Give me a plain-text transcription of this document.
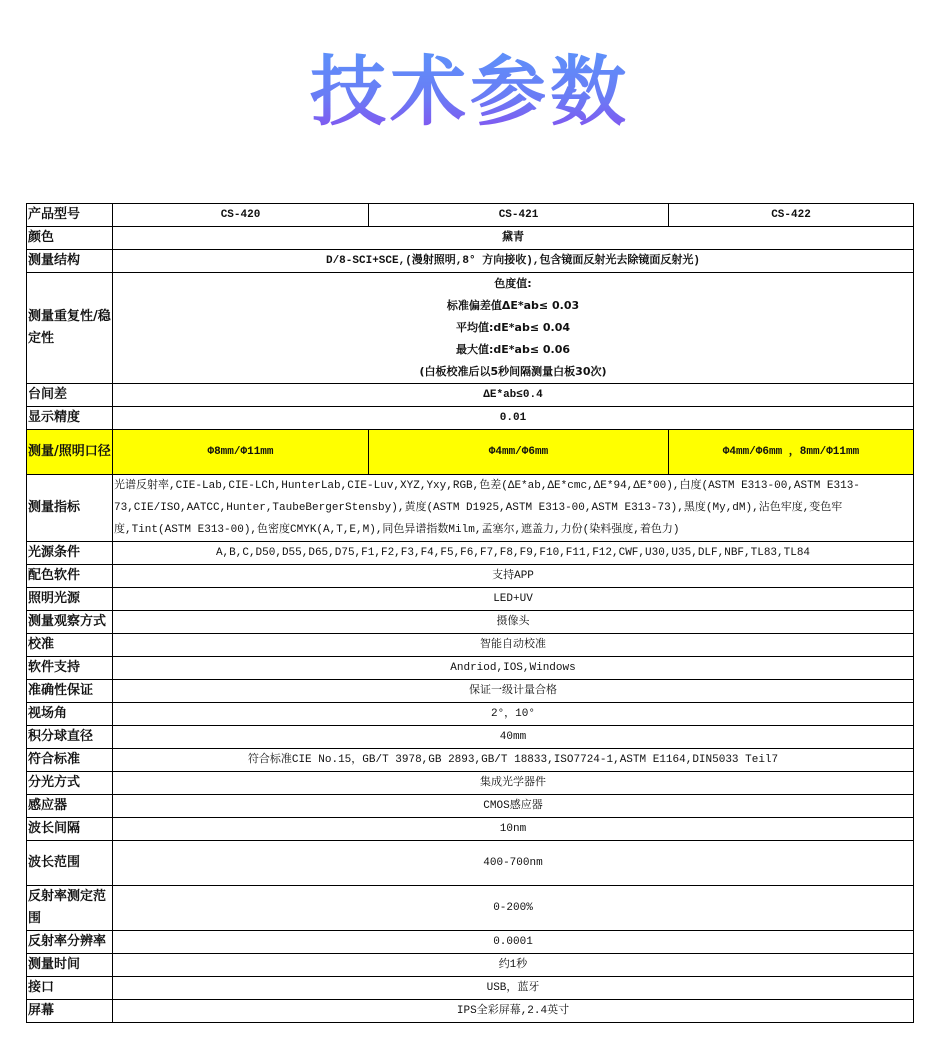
技术参数
产品型号	CS-420	CS-421	CS-422
颜色	黛青		
测量结构	D/8-SCI+SCE,(漫射照明,8° 方向接收),包含镜面反射光去除镜面反射光)		
测量重复性/稳定性	色度值:
标准偏差值ΔE*ab≤ 0.03
平均值:dE*ab≤ 0.04
最大值:dE*ab≤ 0.06
(白板校准后以5秒间隔测量白板30次)		

台间差	ΔE*ab≤0.4		
显示精度	0.01		
测量/照明口径	Φ8mm/Φ11mm	Φ4mm/Φ6mm	Φ4mm/Φ6mm ，8mm/Φ11mm
测量指标	光谱反射率,CIE-Lab,CIE-LCh,HunterLab,CIE-Luv,XYZ,Yxy,RGB,色差(ΔE*ab,ΔE*cmc,ΔE*94,ΔE*00),白度(ASTM E313-00,ASTM E313-73,CIE/ISO,AATCC,Hunter,TaubeBergerStensby),黄度(ASTM D1925,ASTM E313-00,ASTM E313-73),黑度(My,dM),沾色牢度,变色牢度,Tint(ASTM E313-00),色密度CMYK(A,T,E,M),同色异谱指数Milm,孟塞尔,遮盖力,力份(染料强度,着色力)		
光源条件	A,B,C,D50,D55,D65,D75,F1,F2,F3,F4,F5,F6,F7,F8,F9,F10,F11,F12,CWF,U30,U35,DLF,NBF,TL83,TL84		
配色软件	支持APP		
照明光源	LED+UV		
测量观察方式	摄像头		
校准	智能自动校准		
软件支持	Andriod,IOS,Windows		
准确性保证	保证一级计量合格		
视场角	2°，10°		
积分球直径	40mm		
符合标准	符合标准CIE No.15，GB/T 3978,GB 2893,GB/T 18833,ISO7724-1,ASTM E1164,DIN5033 Teil7		
分光方式	集成光学器件		
感应器	CMOS感应器		
波长间隔	10nm		
波长范围	400-700nm		
反射率测定范围	0-200%		
反射率分辨率	0.0001		
测量时间	约1秒		
接口	USB，蓝牙		
屏幕	IPS全彩屏幕,2.4英寸		
